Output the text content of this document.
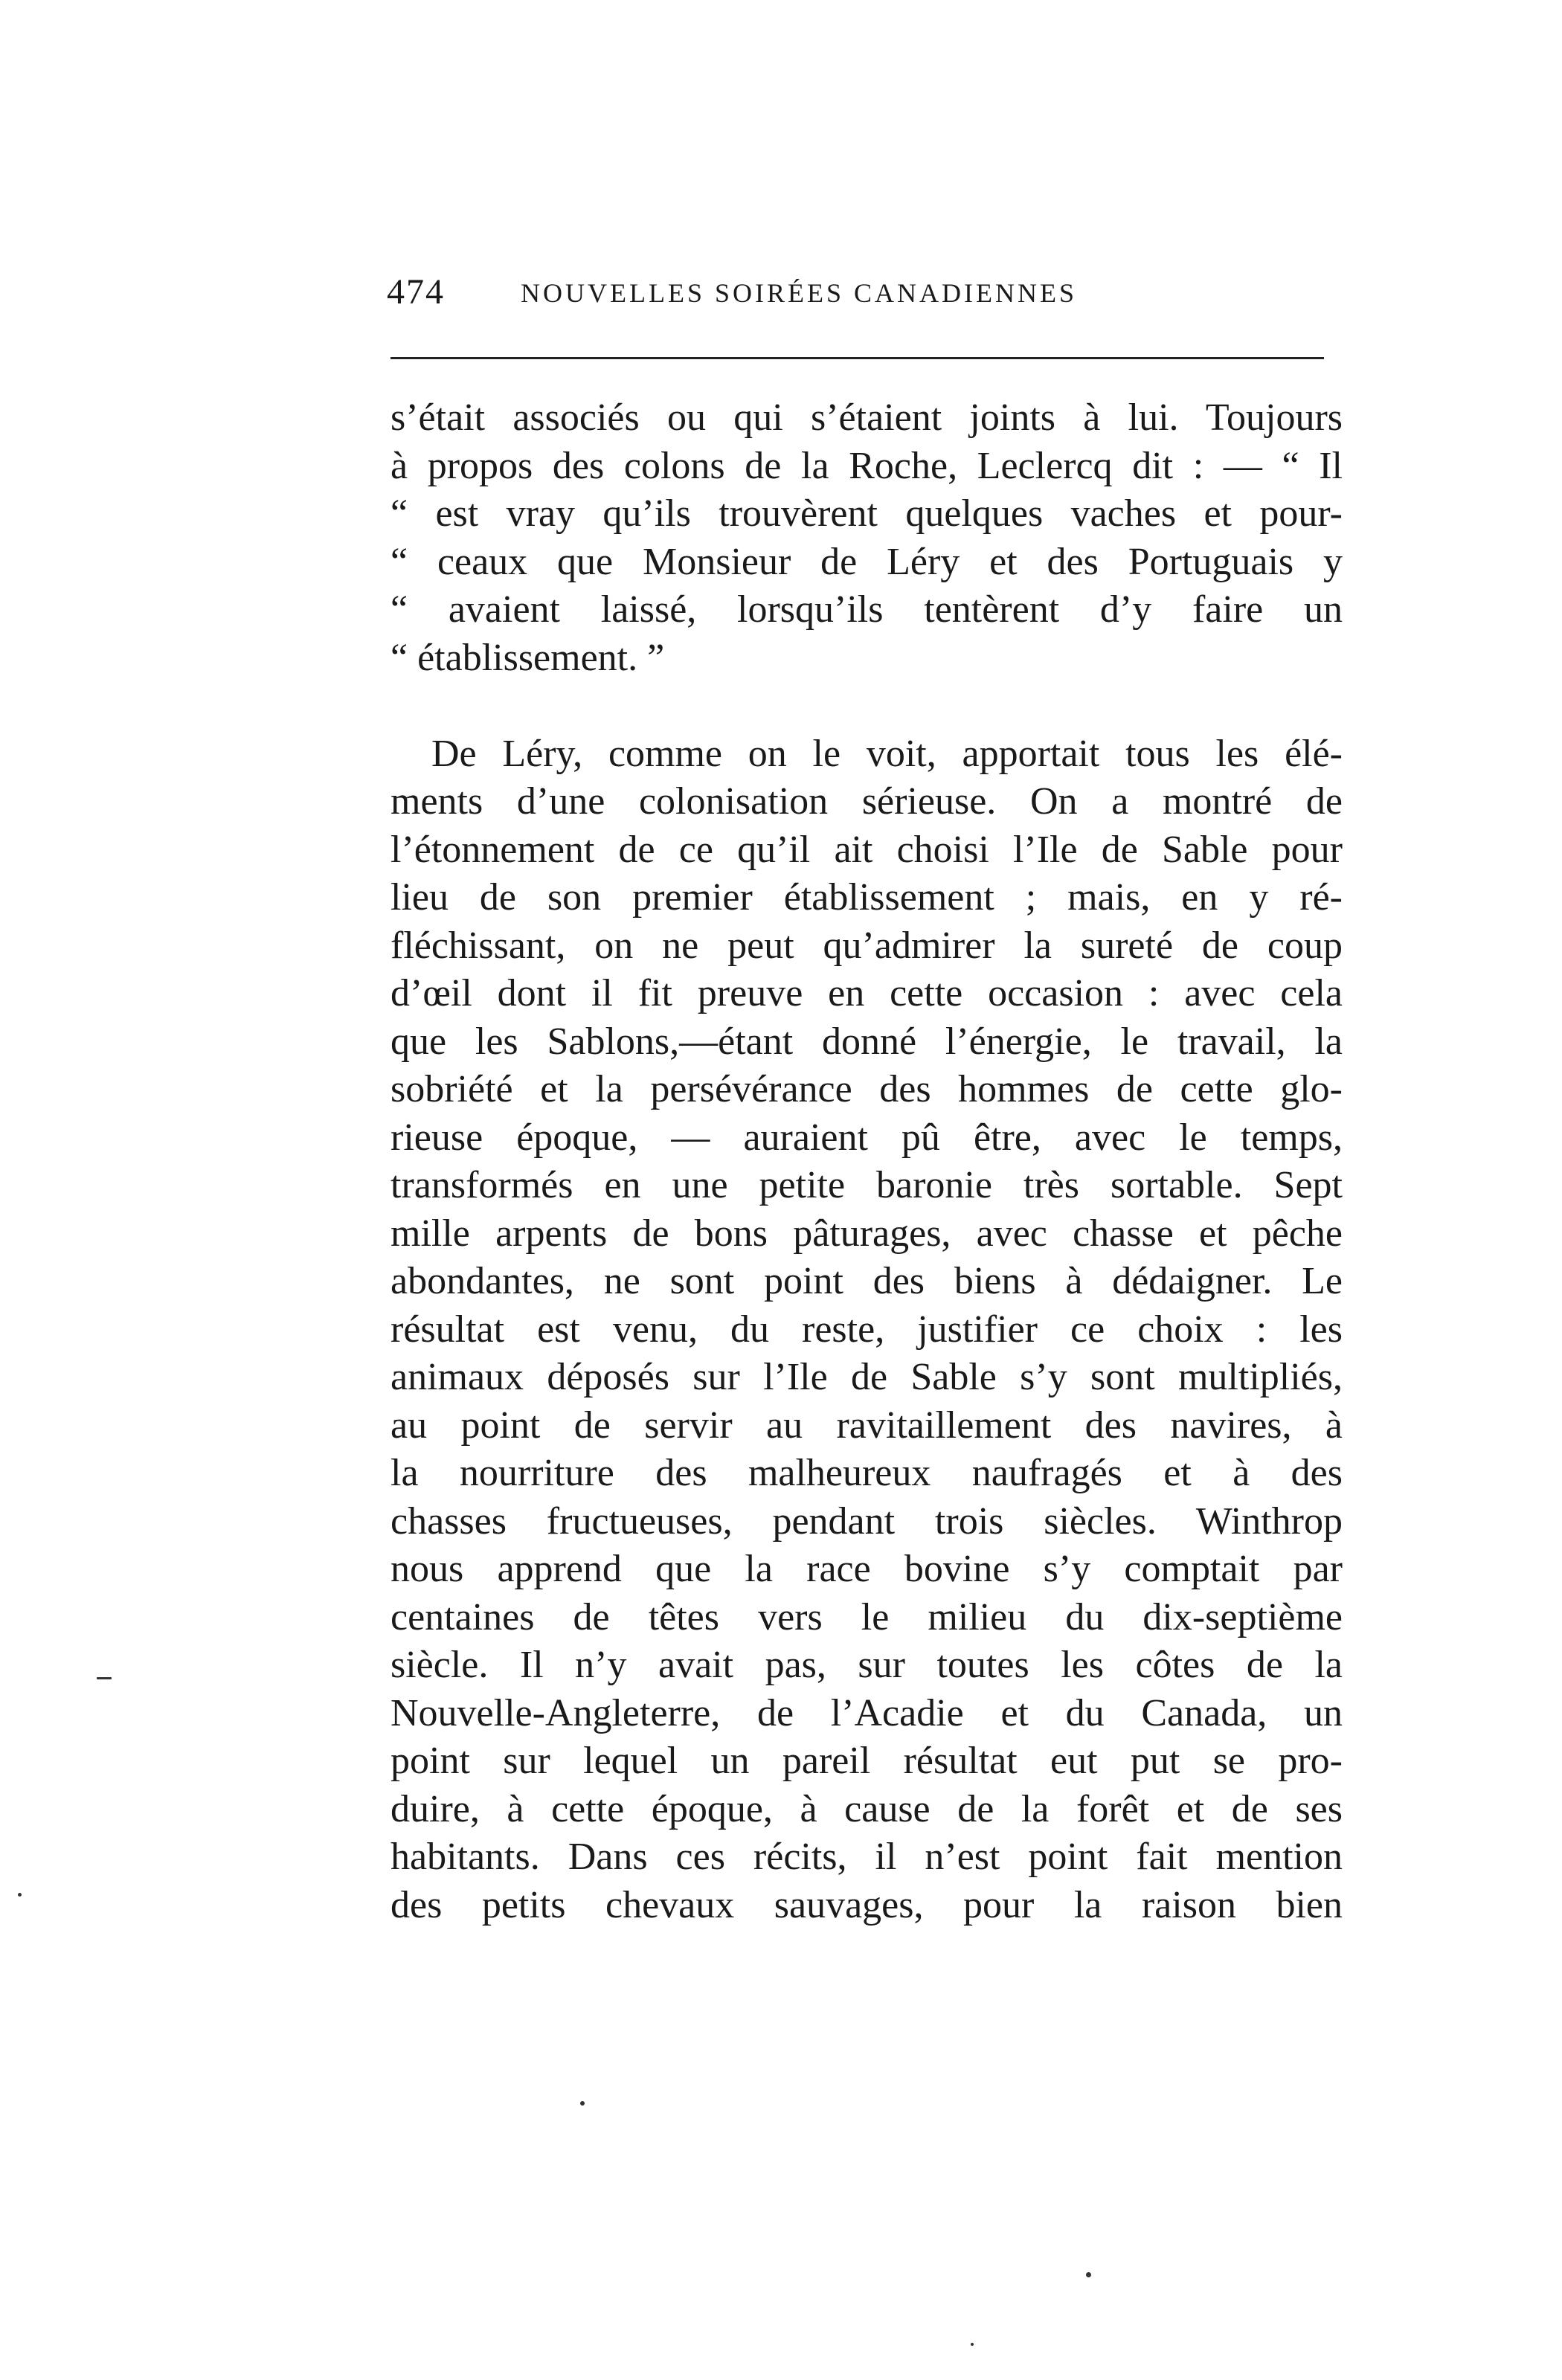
474	NOUVELLES SOIRÉES CANADIENNES
s’était associés ou qui s’étaient joints à lui. Toujours
à propos des colons de la Roche, Leclercq dit : — “ Il
“ est vray qu’ils trouvèrent quelques vaches et pour-
“ ceaux que Monsieur de Léry et des Portuguais y
“ avaient laissé, lorsqu’ils tentèrent d’y faire un
“ établissement. ”
De Léry, comme on le voit, apportait tous les élé-
ments d’une colonisation sérieuse. On a montré de
l’étonnement de ce qu’il ait choisi l’Ile de Sable pour
lieu de son premier établissement ; mais, en y ré-
fléchissant, on ne peut qu’admirer la sureté de coup
d’œil dont il fit preuve en cette occasion : avec cela
que les Sablons,—étant donné l’énergie, le travail, la
sobriété et la persévérance des hommes de cette glo-
rieuse époque, — auraient pû être, avec le temps,
transformés en une petite baronie très sortable. Sept
mille arpents de bons pâturages, avec chasse et pêche
abondantes, ne sont point des biens à dédaigner. Le
résultat est venu, du reste, justifier ce choix : les
animaux déposés sur l’Ile de Sable s’y sont multipliés,
au point de servir au ravitaillement des navires, à
la nourriture des malheureux naufragés et à des
chasses fructueuses, pendant trois siècles. Winthrop
nous apprend que la race bovine s’y comptait par
centaines de têtes vers le milieu du dix-septième
siècle. Il n’y avait pas, sur toutes les côtes de la
Nouvelle-Angleterre, de l’Acadie et du Canada, un
point sur lequel un pareil résultat eut put se pro-
duire, à cette époque, à cause de la forêt et de ses
habitants. Dans ces récits, il n’est point fait mention
des petits chevaux sauvages, pour la raison bien
